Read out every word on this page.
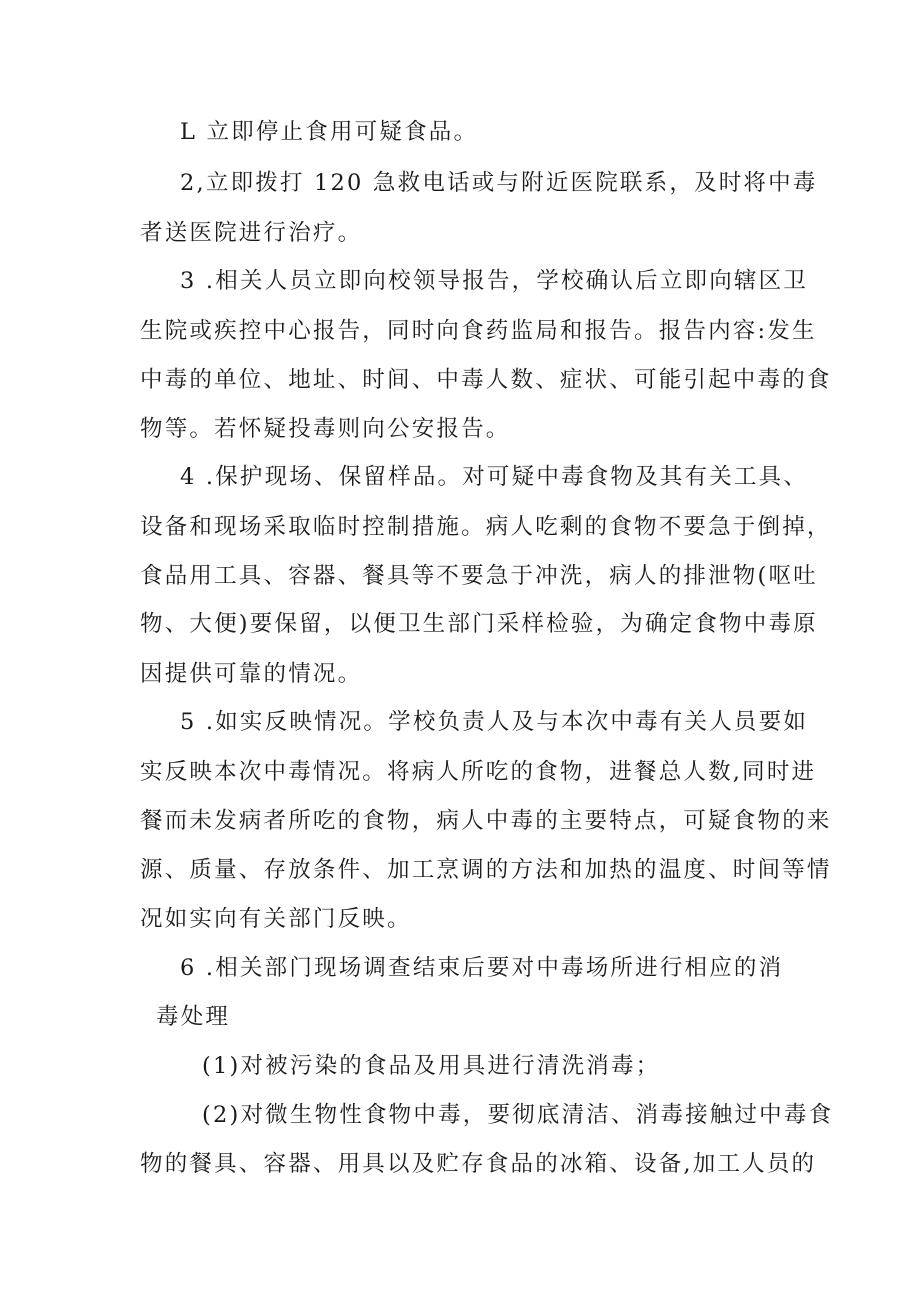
L 立即停止食用可疑食品。
2,立即拨打 120 急救电话或与附近医院联系，及时将中毒
者送医院进行治疗。
3 .相关人员立即向校领导报告，学校确认后立即向辖区卫
生院或疾控中心报告，同时向食药监局和报告。报告内容:发生
中毒的单位、地址、时间、中毒人数、症状、可能引起中毒的食
物等。若怀疑投毒则向公安报告。
4 .保护现场、保留样品。对可疑中毒食物及其有关工具、
设备和现场采取临时控制措施。病人吃剩的食物不要急于倒掉，
食品用工具、容器、餐具等不要急于冲洗，病人的排泄物(呕吐
物、大便)要保留，以便卫生部门采样检验，为确定食物中毒原
因提供可靠的情况。
5 .如实反映情况。学校负责人及与本次中毒有关人员要如
实反映本次中毒情况。将病人所吃的食物，进餐总人数,同时进
餐而未发病者所吃的食物，病人中毒的主要特点，可疑食物的来
源、质量、存放条件、加工烹调的方法和加热的温度、时间等情
况如实向有关部门反映。
6 .相关部门现场调查结束后要对中毒场所进行相应的消
毒处理
(1)对被污染的食品及用具进行清洗消毒；
(2)对微生物性食物中毒，要彻底清洁、消毒接触过中毒食
物的餐具、容器、用具以及贮存食品的冰箱、设备,加工人员的
